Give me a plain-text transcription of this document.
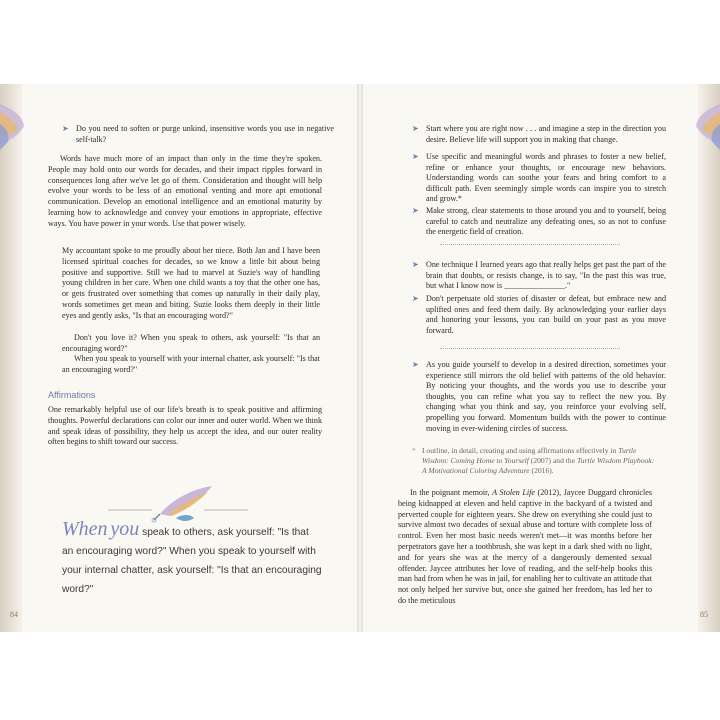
➤ Do you need to soften or purge unkind, insensitive words you use in negative self-talk?

Words have much more of an impact than only in the time they're spoken. People may hold onto our words for decades, and their impact ripples forward in consequences long after we've let go of them. Consideration and thought will help evolve your words to be less of an emotional venting and more apt emotional communication. Develop an emotional intelligence and an emotional maturity by learning how to acknowledge and convey your emotions in appropriate, effective ways. You have power in your words. Use that power wisely.

My accountant spoke to me proudly about her niece. Both Jan and I have been licensed spiritual coaches for decades, so we know a little bit about being positive and supportive. Still we had to marvel at Suzie's way of handling young children in her care. When one child wants a toy that the other one has, or gets frustrated over something that comes up naturally in their daily play, words sometimes get mean and biting. Suzie looks them deeply in their little eyes and gently asks, "Is that an encouraging word?"

Don't you love it? When you speak to others, ask yourself: "Is that an encouraging word?"

When you speak to yourself with your internal chatter, ask yourself: "Is that an encouraging word?"

Affirmations

One remarkably helpful use of our life's breath is to speak positive and affirming thoughts. Powerful declarations can color our inner and outer world. When we think and speak ideas of possibility, they help us accept the idea, and our outer reality often begins to shift toward our success.

When you speak to others, ask yourself: "Is that an encouraging word?" When you speak to yourself with your internal chatter, ask yourself: "Is that an encouraging word?"

84

➤ Start where you are right now . . . and imagine a step in the direction you desire. Believe life will support you in making that change.

➤ Use specific and meaningful words and phrases to foster a new belief, refine or enhance your thoughts, or encourage new behaviors. Understanding words can soothe your fears and bring comfort to a difficult path. Even seemingly simple words can inspire you to stretch and grow.*

➤ Make strong, clear statements to those around you and to yourself, being careful to catch and neutralize any defeating ones, so as not to confuse the energetic field of creation.

➤ One technique I learned years ago that really helps get past the part of the brain that doubts, or resists change, is to say, "In the past this was true, but what I know now is _______________."

➤ Don't perpetuate old stories of disaster or defeat, but embrace new and uplifted ones and feed them daily. By acknowledging your earlier days and honoring your lessons, you can build on your past as you move forward.

➤ As you guide yourself to develop in a desired direction, sometimes your experience still mirrors the old belief with patterns of the old behavior. By noticing your thoughts, and the words you use to describe your thoughts, you can refine what you say to reflect the new you. By changing what you think and say, you reinforce your evolving self, propelling you forward. Momentum builds with the power to continue moving in ever-widening circles of success.

* I outline, in detail, creating and using affirmations effectively in Turtle Wisdom: Coming Home to Yourself (2007) and the Turtle Wisdom Playbook: A Motivational Coloring Adventure (2016).

In the poignant memoir, A Stolen Life (2012), Jaycee Duggard chronicles being kidnapped at eleven and held captive in the backyard of a twisted and perverted couple for eighteen years. She drew on everything she could just to survive almost two decades of sexual abuse and torture with complete loss of control. Even her most basic needs weren't met—it was months before her perpetrators gave her a toothbrush, she was kept in a dark shed with no light, and for years she was at the mercy of a dangerously demented sexual offender. Jaycee attributes her love of reading, and the self-help books this man had from when he was in jail, for enabling her to cultivate an attitude that not only helped her survive but, once she gained her freedom, has led her to do the meticulous

85
